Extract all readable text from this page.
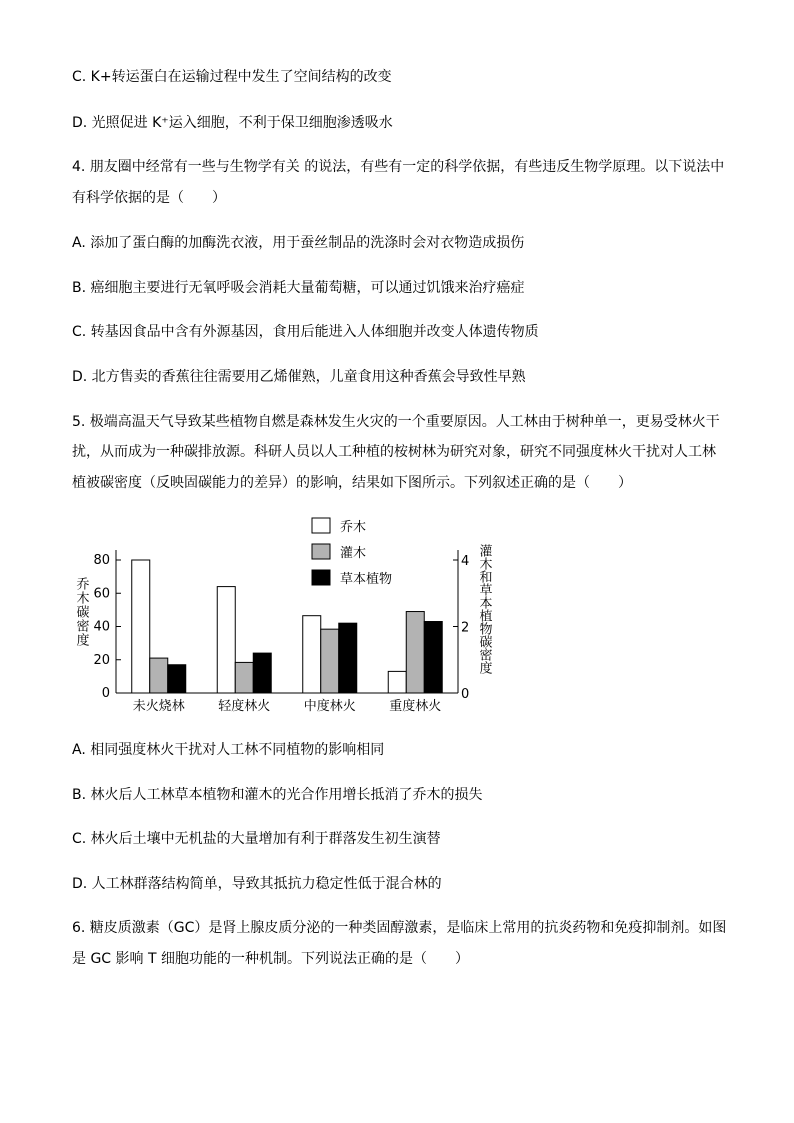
C. K+转运蛋白在运输过程中发生了空间结构的改变
D. 光照促进 K⁺运入细胞，不利于保卫细胞渗透吸水
4. 朋友圈中经常有一些与生物学有关 的说法，有些有一定的科学依据，有些违反生物学原理。以下说法中
有科学依据的是（　　）
A. 添加了蛋白酶的加酶洗衣液，用于蚕丝制品的洗涤时会对衣物造成损伤
B. 癌细胞主要进行无氧呼吸会消耗大量葡萄糖，可以通过饥饿来治疗癌症
C. 转基因食品中含有外源基因，食用后能进入人体细胞并改变人体遗传物质
D. 北方售卖的香蕉往往需要用乙烯催熟，儿童食用这种香蕉会导致性早熟
5. 极端高温天气导致某些植物自燃是森林发生火灾的一个重要原因。人工林由于树种单一，更易受林火干
扰，从而成为一种碳排放源。科研人员以人工种植的桉树林为研究对象，研究不同强度林火干扰对人工林
植被碳密度（反映固碳能力的差异）的影响，结果如下图所示。下列叙述正确的是（　　）
0
20
40
60
80
0
2
4
乔木碳密度	灌木和草本植物碳密度
未火烧林	轻度林火	中度林火	重度林火
乔木
灌木
草本植物
A. 相同强度林火干扰对人工林不同植物的影响相同
B. 林火后人工林草本植物和灌木的光合作用增长抵消了乔木的损失
C. 林火后土壤中无机盐的大量增加有利于群落发生初生演替
D. 人工林群落结构简单，导致其抵抗力稳定性低于混合林的
6. 糖皮质激素（GC）是肾上腺皮质分泌的一种类固醇激素，是临床上常用的抗炎药物和免疫抑制剂。如图
是 GC 影响 T 细胞功能的一种机制。下列说法正确的是（　　）
